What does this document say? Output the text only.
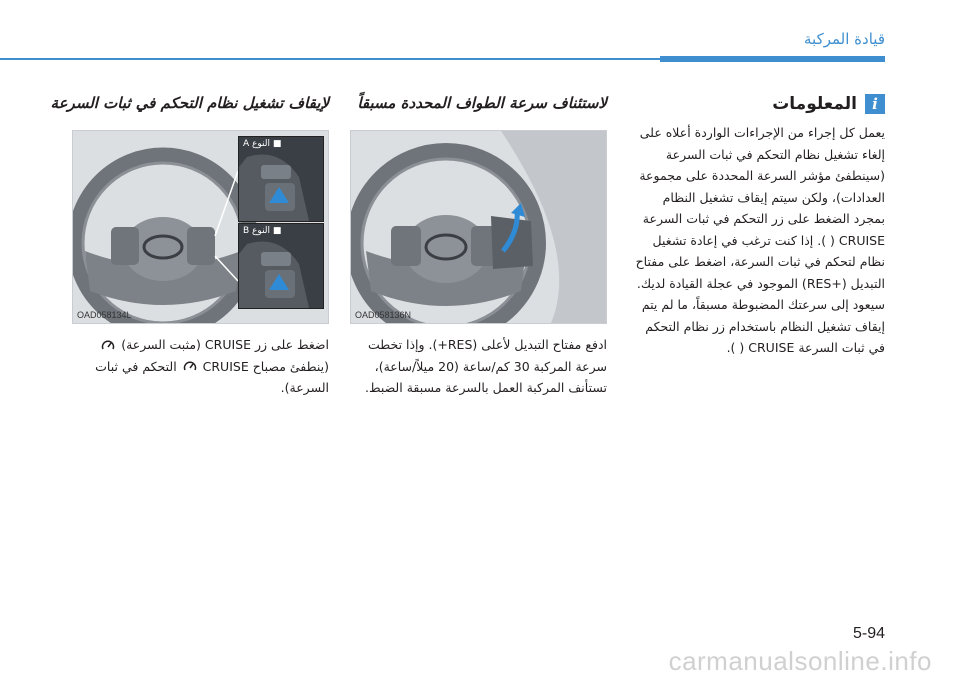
قيادة المركبة
i
المعلومات
يعمل كل إجراء من الإجراءات الواردة أعلاه على إلغاء تشغيل نظام التحكم في ثبات السرعة (سينطفئ مؤشر السرعة المحددة على مجموعة العدادات)، ولكن سيتم إيقاف تشغيل النظام بمجرد الضغط على زر التحكم في ثبات السرعة CRUISE ( ). إذا كنت ترغب في إعادة تشغيل نظام لتحكم في ثبات السرعة، اضغط على مفتاح التبديل (+RES) الموجود في عجلة القيادة لديك. سيعود إلى سرعتك المضبوطة مسبقاً، ما لم يتم إيقاف تشغيل النظام باستخدام زر نظام التحكم في ثبات السرعة CRUISE ( ).
لاستئناف سرعة الطواف المحددة مسبقاً
OAD058136N
ادفع مفتاح التبديل لأعلى (RES+). وإذا تخطت سرعة المركبة 30 كم/ساعة (20 ميلاً/ساعة)، تستأنف المركبة العمل بالسرعة مسبقة الضبط.
لإيقاف تشغيل نظام التحكم في ثبات السرعة
■ النوع A
■ النوع B
OAD058134L
اضغط على زر CRUISE (مثبت السرعة)  (ينطفئ مصباح CRUISE  التحكم في ثبات السرعة).
5-94
carmanualsonline.info
